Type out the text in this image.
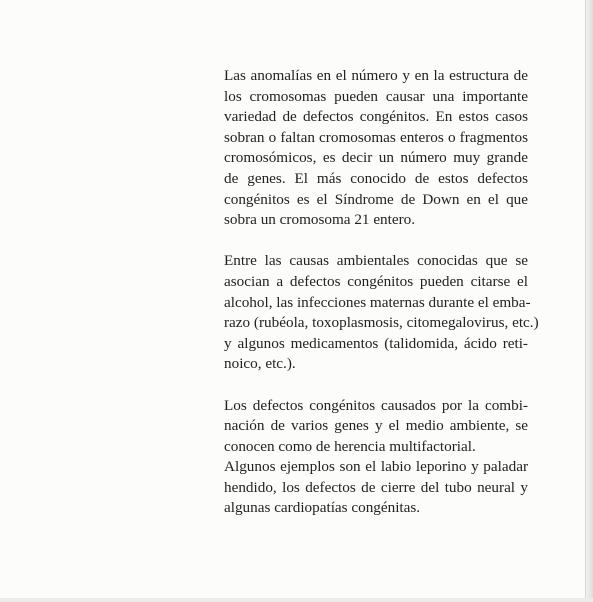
Las anomalías en el número y en la estructura de
los cromosomas pueden causar una importante
variedad de defectos congénitos. En estos casos
sobran o faltan cromosomas enteros o fragmentos
cromosómicos, es decir un número muy grande
de genes. El más conocido de estos defectos
congénitos es el Síndrome de Down en el que
sobra un cromosoma 21 entero.

Entre las causas ambientales conocidas que se
asocian a defectos congénitos pueden citarse el
alcohol, las infecciones maternas durante el emba-
razo (rubéola, toxoplasmosis, citomegalovirus, etc.)
y algunos medicamentos (talidomida, ácido reti-
noico, etc.).

Los defectos congénitos causados por la combi-
nación de varios genes y el medio ambiente, se
conocen como de herencia multifactorial.
Algunos ejemplos son el labio leporino y paladar
hendido, los defectos de cierre del tubo neural y
algunas cardiopatías congénitas.
